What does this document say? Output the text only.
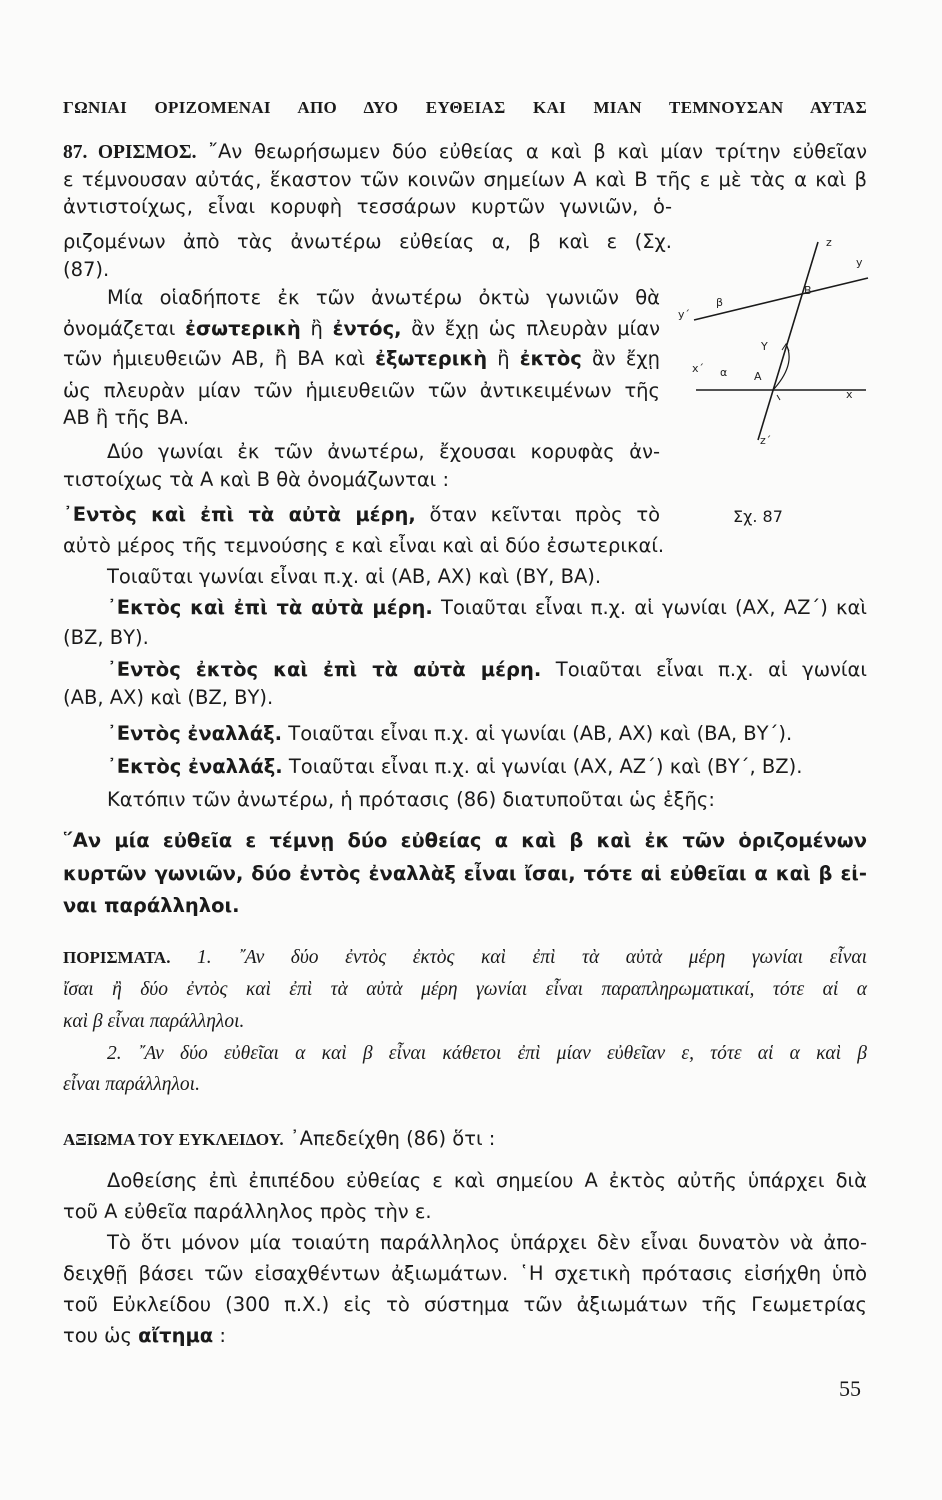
ΓΩΝΙΑΙ ΟΡΙΖΟΜΕΝΑΙ ΑΠΟ ΔΥΟ ΕΥΘΕΙΑΣ ΚΑΙ ΜΙΑΝ ΤΕΜΝΟΥΣΑΝ ΑΥΤΑΣ
87. ΟΡΙΣΜΟΣ. ῎Αν θεωρήσωμεν δύο εὐθείας α καὶ β καὶ μίαν τρίτην εὐθεῖαν
ε τέμνουσαν αὐτάς, ἕκαστον τῶν κοινῶν σημείων Α καὶ Β τῆς ε μὲ τὰς α καὶ β
ἀντιστοίχως, εἶναι κορυφὴ τεσσάρων κυρτῶν γωνιῶν, ὁ-
ριζομένων ἀπὸ τὰς ἀνωτέρω εὐθείας α, β καὶ ε (Σχ.
(87).
Μία οἱαδήποτε ἐκ τῶν ἀνωτέρω ὀκτὼ γωνιῶν θὰ
ὀνομάζεται ἐσωτερικὴ ἢ ἐντός, ἂν ἔχῃ ὡς πλευρὰν μίαν
τῶν ἡμιευθειῶν ΑΒ, ἢ ΒΑ καὶ ἐξωτερικὴ ἢ ἐκτὸς ἂν ἔχῃ
ὡς πλευρὰν μίαν τῶν ἡμιευθειῶν τῶν ἀντικειμένων τῆς
ΑΒ ἢ τῆς ΒΑ.
Δύο γωνίαι ἐκ τῶν ἀνωτέρω, ἔχουσαι κορυφὰς ἀν-
τιστοίχως τὰ Α καὶ Β θὰ ὀνομάζωνται :
᾿Εντὸς καὶ ἐπὶ τὰ αὐτὰ μέρη, ὅταν κεῖνται πρὸς τὸ
αὐτὸ μέρος τῆς τεμνούσης ε καὶ εἶναι καὶ αἱ δύο ἐσωτερικαί.
Τοιαῦται γωνίαι εἶναι π.χ. αἱ (ΑΒ, ΑΧ) καὶ (ΒΥ, ΒΑ).
᾿Εκτὸς καὶ ἐπὶ τὰ αὐτὰ μέρη. Τοιαῦται εἶναι π.χ. αἱ γωνίαι (ΑΧ, ΑΖ΄) καὶ
(ΒΖ, ΒΥ).
᾿Εντὸς ἐκτὸς καὶ ἐπὶ τὰ αὐτὰ μέρη. Τοιαῦται εἶναι π.χ. αἱ γωνίαι
(ΑΒ, ΑΧ) καὶ (ΒΖ, ΒΥ).
᾿Εντὸς ἐναλλάξ. Τοιαῦται εἶναι π.χ. αἱ γωνίαι (ΑΒ, ΑΧ) καὶ (ΒΑ, ΒΥ΄).
᾿Εκτὸς ἐναλλάξ. Τοιαῦται εἶναι π.χ. αἱ γωνίαι (ΑΧ, ΑΖ΄) καὶ (ΒΥ΄, ΒΖ).
Κατόπιν τῶν ἀνωτέρω, ἡ πρότασις (86) διατυποῦται ὡς ἑξῆς:
῞Αν μία εὐθεῖα ε τέμνῃ δύο εὐθείας α καὶ β καὶ ἐκ τῶν ὁριζομένων
κυρτῶν γωνιῶν, δύο ἐντὸς ἐναλλὰξ εἶναι ἴσαι, τότε αἱ εὐθεῖαι α καὶ β εἰ-
ναι παράλληλοι.
ΠΟΡΙΣΜΑΤΑ. 1. ῎Αν δύο ἐντὸς ἐκτὸς καὶ ἐπὶ τὰ αὐτὰ μέρη γωνίαι εἶναι
ἴσαι ἢ δύο ἐντὸς καὶ ἐπὶ τὰ αὐτὰ μέρη γωνίαι εἶναι παραπληρωματικαί, τότε αἱ α
καὶ β εἶναι παράλληλοι.
2. ῎Αν δύο εὐθεῖαι α καὶ β εἶναι κάθετοι ἐπὶ μίαν εὐθεῖαν ε, τότε αἱ α καὶ β
εἶναι παράλληλοι.
ΑΞΙΩΜΑ ΤΟΥ ΕΥΚΛΕΙΔΟΥ. ᾿Απεδείχθη (86) ὅτι :
Δοθείσης ἐπὶ ἐπιπέδου εὐθείας ε καὶ σημείου Α ἐκτὸς αὐτῆς ὑπάρχει διὰ
τοῦ Α εὐθεῖα παράλληλος πρὸς τὴν ε.
Τὸ ὅτι μόνον μία τοιαύτη παράλληλος ὑπάρχει δὲν εἶναι δυνατὸν νὰ ἀπο-
δειχθῇ βάσει τῶν εἰσαχθέντων ἀξιωμάτων. ῾Η σχετικὴ πρότασις εἰσήχθη ὑπὸ
τοῦ Εὐκλείδου (300 π.Χ.) εἰς τὸ σύστημα τῶν ἀξιωμάτων τῆς Γεωμετρίας
του ὡς αἴτημα :
z
y
Β
β
y΄
Y
x΄ α Α
x
z΄
Σχ. 87
55
